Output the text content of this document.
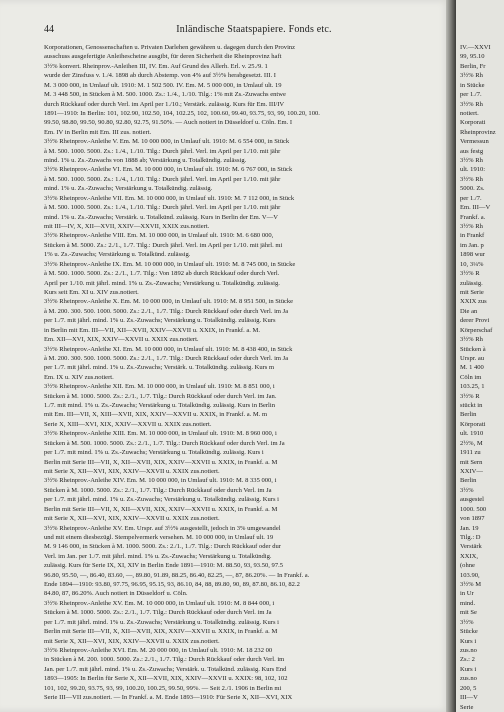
44	Inländische Staatspapiere. Fonds etc.
Korporationen, Genossenschaften u. Privaten Darlehen gewähren u. dagegen durch den Provinz
ausschuss ausgefertigte Anleihescheine ausgibt, für deren Sicherheit die Rheinprovinz haft
3½% konvert. Rheinprov.-Anleihen III, IV. Em. Auf Grund des Allerh. Erl. v. 25./9. 1
wurde der Zinsfuss v. 1./4. 1898 ab durch Abstemp. von 4% auf 3½% herabgesetzt. III. I
M. 3 000 000, in Umlauf ult. 1910: M. 1 502 500. IV. Em. M. 5 000 000, in Umlauf ult. 19
M. 3 448 500, in Stücken à M. 500. 1000. Zs.: 1./4., 1./10. Tilg.: 1% mit Zs.-Zuwachs entwe
durch Rückkauf oder durch Verl. im April per 1./10.; Verstärk. zulässig. Kurs für Em. III/IV
1891—1910: In Berlin: 101, 102.90, 102.50, 104, 102.25, 102, 100.60, 99.40, 93.75, 93, 99, 100.20, 100.
99.50, 98.80, 99.50, 90.80, 92.80, 92.75, 91.50%. — Auch notiert in Düsseldorf u. Cöln. Em. I
Em. IV in Berlin mit Em. III zus. notiert.
3½% Rheinprov.-Anleihe V. Em. M. 10 000 000, in Umlauf ult. 1910: M. 6 554 000, in Stück
à M. 500. 1000. 5000. Zs.: 1./4., 1./10. Tilg.: Durch jährl. Verl. im April per 1./10. mit jähr
mind. 1% u. Zs.-Zuwachs von 1888 ab; Verstärkung u. Totalkündig. zulässig.
3½% Rheinprov.-Anleihe VI. Em. M. 10 000 000, in Umlauf ult. 1910: M. 6 767 000, in Stück
à M. 500. 1000. 5000. Zs.: 1./4., 1./10. Tilg.: Durch jährl. Verl. im April per 1./10. mit jähr
mind. 1% u. Zs.-Zuwachs; Verstärkung u. Totalkündig. zulässig.
3½% Rheinprov.-Anleihe VII. Em. M. 10 000 000, in Umlauf ult. 1910: M. 7 112 000, in Stück
à M. 500. 1000. 5000. Zs.: 1./4., 1./10. Tilg.: Durch jährl. Verl. im April per 1./10. mit jähr
mind. 1% u. Zs.-Zuwachs; Verstärk. u. Totalkünd. zulässig. Kurs in Berlin der Em. V—V
mit III—IV, X, XII—XVII, XXIV—XXVII, XXIX zus.notiert.
3½% Rheinprov.-Anleihe VIII. Em. M. 10 000 000, in Umlauf ult. 1910: M. 6 680 000,
Stücken à M. 5000. Zs.: 2./1., 1./7. Tilg.: Durch jährl. Verl. im April per 1./10. mit jährl. mi
1% u. Zs.-Zuwachs; Verstärkung u. Totalkünd. zulässig.
3½% Rheinprov.-Anleihe IX. Em. M. 10 000 000, in Umlauf ult. 1910: M. 8 745 000, in Stücke
à M. 500. 1000. 5000. Zs.: 2./1., 1./7. Tilg.: Von 1892 ab durch Rückkauf oder durch Verl.
April per 1./10. mit jährl. mind. 1% u. Zs.-Zuwachs; Verstärkung u. Totalkündig. zulässig.
Kurs seit Em. XI u. XIV zus.notiert.
3½% Rheinprov.-Anleihe X. Em. M. 10 000 000, in Umlauf ult. 1910: M. 8 951 500, in Stücke
à M. 200. 300. 500. 1000. 5000. Zs.: 2./1., 1./7. Tilg.: Durch Rückkauf oder durch Verl. im Ja
per 1./7. mit jährl. mind. 1% u. Zs.-Zuwachs; Verstärkung u. Totalkündig. zulässig. Kurs
in Berlin mit Em. III—VII, XII—XVII, XXIV—XXVII u. XXIX, in Frankf. a. M.
Em. XII—XVI, XIX, XXIV—XXVII u. XXIX zus.notiert.
3½% Rheinprov.-Anleihe XI. Em. M. 10 000 000, in Umlauf ult. 1910: M. 8 438 400, in Stück
à M. 200. 300. 500. 1000. 5000. Zs.: 2./1., 1./7. Tilg.: Durch Rückkauf oder durch Verl. im Ja
per 1./7. mit jährl. mind. 1% u. Zs.-Zuwachs; Verstärk. u. Totalkündig. zulässig. Kurs m
Em. IX u. XIV zus.notiert.
3½% Rheinprov.-Anleihe XII. Em. M. 10 000 000, in Umlauf ult. 1910: M. 8 851 000, i
Stücken à M. 1000. 5000. Zs.: 2./1., 1./7. Tilg.: Durch Rückkauf oder durch Verl. im Jan.
1./7. mit mind. 1% u. Zs.-Zuwachs; Verstärkung u. Totalkündig. zulässig. Kurs in Berlin
mit Em. III—VII, X, XIII—XVII, XIX, XXIV—XXVII u. XXIX, in Frankf. a. M. m
Serie X, XIII—XVI, XIX, XXIV—XXVII u. XXIX zus.notiert.
3½% Rheinprov.-Anleihe XIII. Em. M. 10 000 000, in Umlauf ult. 1910: M. 8 960 000, i
Stücken à M. 500. 1000. 5000. Zs.: 2./1., 1./7. Tilg.: Durch Rückkauf oder durch Verl. im Ja
per 1./7. mit mind. 1% u. Zs.-Zuwachs; Verstärkung u. Totalkündig. zulässig. Kurs i
Berlin mit Serie III—VII, X, XII—XVII, XIX, XXIV—XXVII u. XXIX, in Frankf. a. M
mit Serie X, XII—XVI, XIX, XXIV—XXVII u. XXIX zus.notiert.
3½% Rheinprov.-Anleihe XIV. Em. M. 10 000 000, in Umlauf ult. 1910: M. 8 335 000, i
Stücken à M. 1000. 5000. Zs.: 2./1., 1./7. Tilg.: Durch Rückkauf oder durch Verl. im Ja
per 1./7. mit jährl. mind. 1% u. Zs.-Zuwachs; Verstärkung u. Totalkündig. zulässig. Kurs i
Berlin mit Serie III—VII, X, XII—XVII, XIX, XXIV—XXVII u. XXIX, in Frankf. a. M
mit Serie X, XII—XVI, XIX, XXIV—XXVII u. XXIX zus.notiert.
3½% Rheinprov.-Anleihe XV. Em. Urspr. auf 3½% ausgestellt, jedoch in 3% umgewandel
und mit einem diesbezügl. Stempelvermerk versehen. M. 10 000 000, in Umlauf ult. 19
M. 9 146 000, in Stücken à M. 1000. 5000. Zs.: 2./1., 1./7. Tilg.: Durch Rückkauf oder dur
Verl. im Jan. per 1./7. mit jährl. mind. 1% u. Zs.-Zuwachs; Verstärkung u. Totalkündig.
zulässig. Kurs für Serie IX, XI, XIV in Berlin Ende 1891—1910: M. 88.50, 93, 93.50, 97.5
96.80, 95.50, —, 86.40, 83.60, —, 89.80, 91.89, 88.25, 86.40, 82.25, —, 87, 86.20%. — In Frankf. a.
Ende 1894—1910: 93.80, 97.75, 96.95, 95.15, 93, 86.10, 84, 88, 89.80, 90, 89, 87.80, 86.10, 82.2
84.80, 87, 86.20%. Auch notiert in Düsseldorf u. Cöln.
3½% Rheinprov.-Anleihe XV. Em. M. 10 000 000, in Umlauf ult. 1910: M. 8 844 000, i
Stücken à M. 1000. 5000. Zs.: 2./1., 1./7. Tilg.: Durch Rückkauf oder durch Verl. im Ja
per 1./7. mit jährl. mind. 1% u. Zs.-Zuwachs; Verstärkung u. Totalkündig. zulässig. Kurs i
Berlin mit Serie III—VII, X, XII—XVII, XIX, XXIV—XXVII u. XXIX, in Frankf. a. M
mit Serie X, XII—XVI, XIX, XXIV—XXVII u. XXIX zus.notiert.
3½% Rheinprov.-Anleihe XVI. Em. M. 20 000 000, in Umlauf ult. 1910: M. 18 232 00
in Stücken à M. 200. 1000. 5000. Zs.: 2./1., 1./7. Tilg.: Durch Rückkauf oder durch Verl. im
Jan. per 1./7. mit jährl. mind. 1% u. Zs.-Zuwachs; Verstärk. u. Totalkünd. zulässig. Kurs End
1893—1905: In Berlin für Serie X, XII—XVII, XIX, XXIV—XXVII u. XXIX: 98, 102, 102
101, 102, 99.20, 93.75, 93, 99, 100.20, 100.25, 99.50, 99%. — Seit 2./1. 1906 in Berlin mi
Serie III—VII zus.notiert. — In Frankf. a. M. Ende 1893—1910: Für Serie X, XII—XVI, XIX
IV.—XXVI
99, 95.10
Berlin, Fr
3½% Rh
in Stücke
per 1./7.
3½% Rh
notiert.
Korporati
Rheinprovinz
Vermessun
aus festg
3½% Rh
ult. 1910:
3½% Rh
5000. Zs.
per 1./7.
Em. III—V
Frankf. a.
3½% Rh
in Frankf
im Jan. p
1898 wur
10, 3¼%
3½% R
zulässig.
mit Serie
XXIX zus
Die an
derer Provi
Körperschaf
3½% Rh
Stücken à
Urspr. au
M. 1 400
Cöln im
103.25, 1
3½% R
stückt in
Berlin
Körporati
ult. 1910
2½%, M
1911 zu
mit Sern
XXIV—
Berlin
3½%
ausgestel
1000. 500
von 1897
Jan. 19
Tilg.: D
Verstärk
XXIX,
(ohne
103.90,
3½% M
in Ur
mind.
mit Se
3½%
Stücke
Kurs i
zus.no
Zs.: 2
Kurs i
zus.no
200, 5
III—V
Serie
